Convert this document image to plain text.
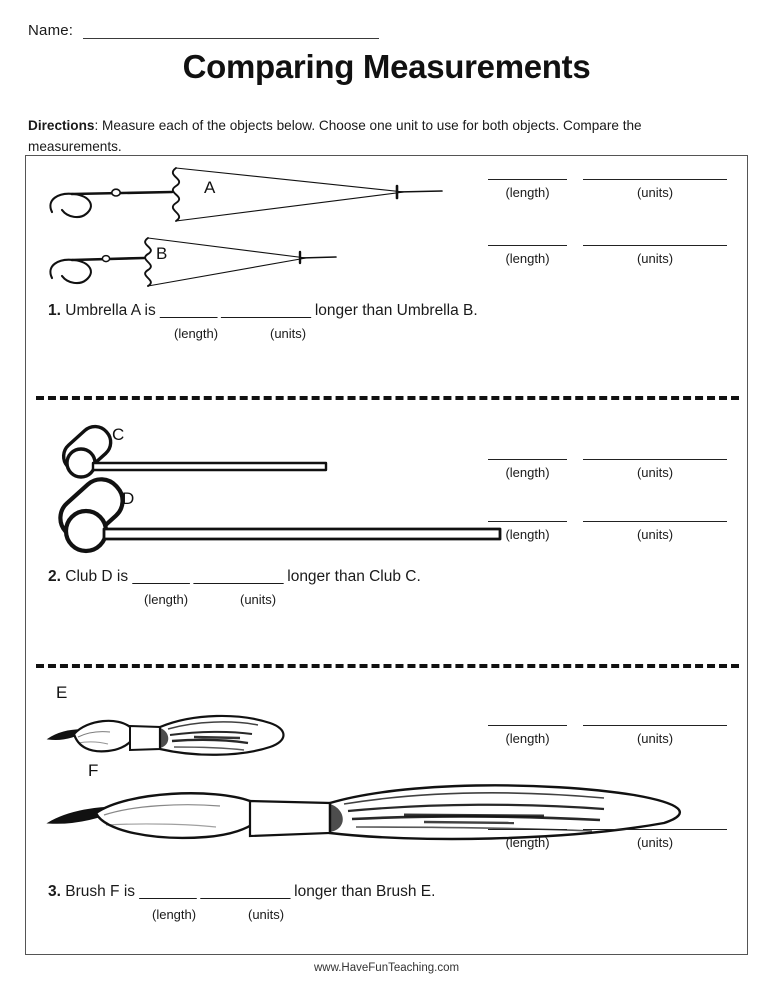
Name:
Comparing Measurements
Directions: Measure each of the objects below. Choose one unit to use for both objects. Compare the measurements.
A	(length)	(units)
B	(length)	(units)
1. Umbrella A is _______ ___________ longer than Umbrella B.
(length)	(units)
C
(length)	(units)
D
(length)	(units)
2. Club D is _______ ___________ longer than Club C.
(length)	(units)
E
(length)	(units)
F
(length)	(units)
3. Brush F is _______ ___________ longer than Brush E.
(length)	(units)
www.HaveFunTeaching.com
